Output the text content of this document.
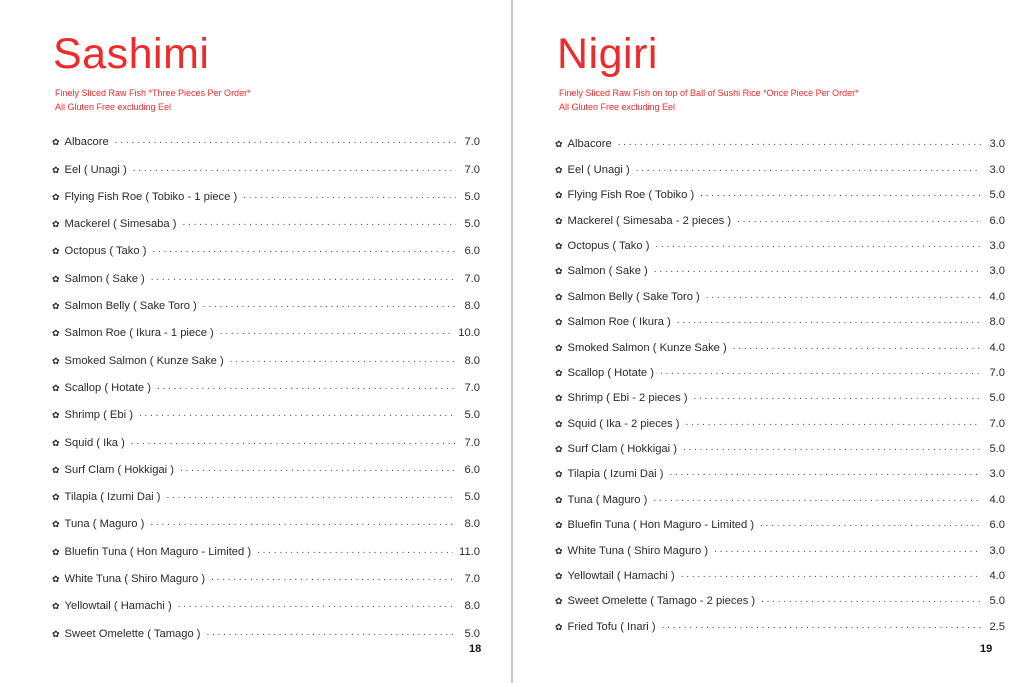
Sashimi
Finely Sliced Raw Fish *Three Pieces Per Order*
All Gluten Free excluding Eel
✿ Albacore . . .	7.0
✿ Eel ( Unagi ) . . .	7.0
✿ Flying Fish Roe ( Tobiko - 1 piece ) . . .	5.0
✿ Mackerel ( Simesaba ) . . .	5.0
✿ Octopus ( Tako ) . . .	6.0
✿ Salmon ( Sake ) . . .	7.0
✿ Salmon Belly ( Sake Toro ) . . .	8.0
✿ Salmon Roe ( Ikura - 1 piece ) . . .	10.0
✿ Smoked Salmon ( Kunze Sake ) . . .	8.0
✿ Scallop ( Hotate ) . . .	7.0
✿ Shrimp ( Ebi ) . . .	5.0
✿ Squid ( Ika ) . . .	7.0
✿ Surf Clam ( Hokkigai ) . . .	6.0
✿ Tilapia ( Izumi Dai ) . . .	5.0
✿ Tuna ( Maguro ) . . .	8.0
✿ Bluefin Tuna ( Hon Maguro - Limited ) . . .	11.0
✿ White Tuna ( Shiro Maguro ) . . .	7.0
✿ Yellowtail ( Hamachi ) . . .	8.0
✿ Sweet Omelette ( Tamago ) . . .	5.0
18
Nigiri
Finely Sliced Raw Fish on top of Ball of Sushi Rice *Once Piece Per Order*
All Gluten Free excluding Eel
✿ Albacore . . .	3.0
✿ Eel ( Unagi ) . . .	3.0
✿ Flying Fish Roe ( Tobiko ) . . .	5.0
✿ Mackerel ( Simesaba - 2 pieces ) . . .	6.0
✿ Octopus ( Tako ) . . .	3.0
✿ Salmon ( Sake ) . . .	3.0
✿ Salmon Belly ( Sake Toro ) . . .	4.0
✿ Salmon Roe ( Ikura ) . . .	8.0
✿ Smoked Salmon ( Kunze Sake ) . . .	4.0
✿ Scallop ( Hotate ) . . .	7.0
✿ Shrimp ( Ebi - 2 pieces ) . . .	5.0
✿ Squid ( Ika - 2 pieces ) . . .	7.0
✿ Surf Clam ( Hokkigai ) . . .	5.0
✿ Tilapia ( Izumi Dai ) . . .	3.0
✿ Tuna ( Maguro ) . . .	4.0
✿ Bluefin Tuna ( Hon Maguro - Limited ) . . .	6.0
✿ White Tuna ( Shiro Maguro ) . . .	3.0
✿ Yellowtail ( Hamachi ) . . .	4.0
✿ Sweet Omelette ( Tamago - 2 pieces ) . . .	5.0
✿ Fried Tofu ( Inari ) . . .	2.5
19
